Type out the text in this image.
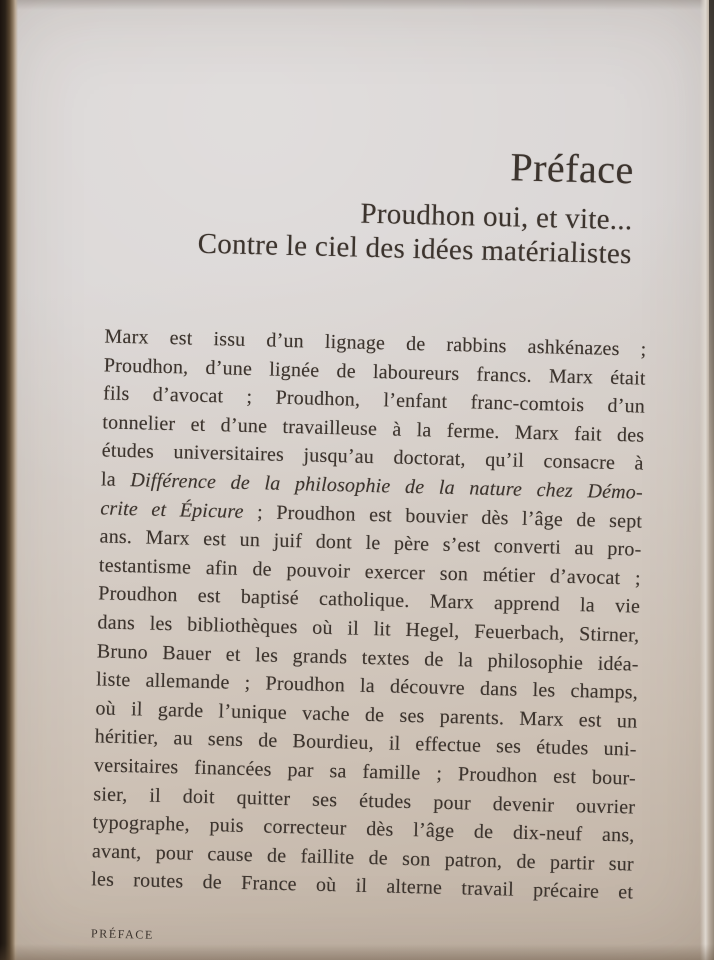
Préface
Proudhon oui, et vite...
Contre le ciel des idées matérialistes
Marx est issu d’un lignage de rabbins ashkénazes ;
Proudhon, d’une lignée de laboureurs francs. Marx était
fils d’avocat ; Proudhon, l’enfant franc-comtois d’un
tonnelier et d’une travailleuse à la ferme. Marx fait des
études universitaires jusqu’au doctorat, qu’il consacre à
la Différence de la philosophie de la nature chez Démo-
crite et Épicure ; Proudhon est bouvier dès l’âge de sept
ans. Marx est un juif dont le père s’est converti au pro-
testantisme afin de pouvoir exercer son métier d’avocat ;
Proudhon est baptisé catholique. Marx apprend la vie
dans les bibliothèques où il lit Hegel, Feuerbach, Stirner,
Bruno Bauer et les grands textes de la philosophie idéa-
liste allemande ; Proudhon la découvre dans les champs,
où il garde l’unique vache de ses parents. Marx est un
héritier, au sens de Bourdieu, il effectue ses études uni-
versitaires financées par sa famille ; Proudhon est bour-
sier, il doit quitter ses études pour devenir ouvrier
typographe, puis correcteur dès l’âge de dix-neuf ans,
avant, pour cause de faillite de son patron, de partir sur
les routes de France où il alterne travail précaire et
PRÉFACE
